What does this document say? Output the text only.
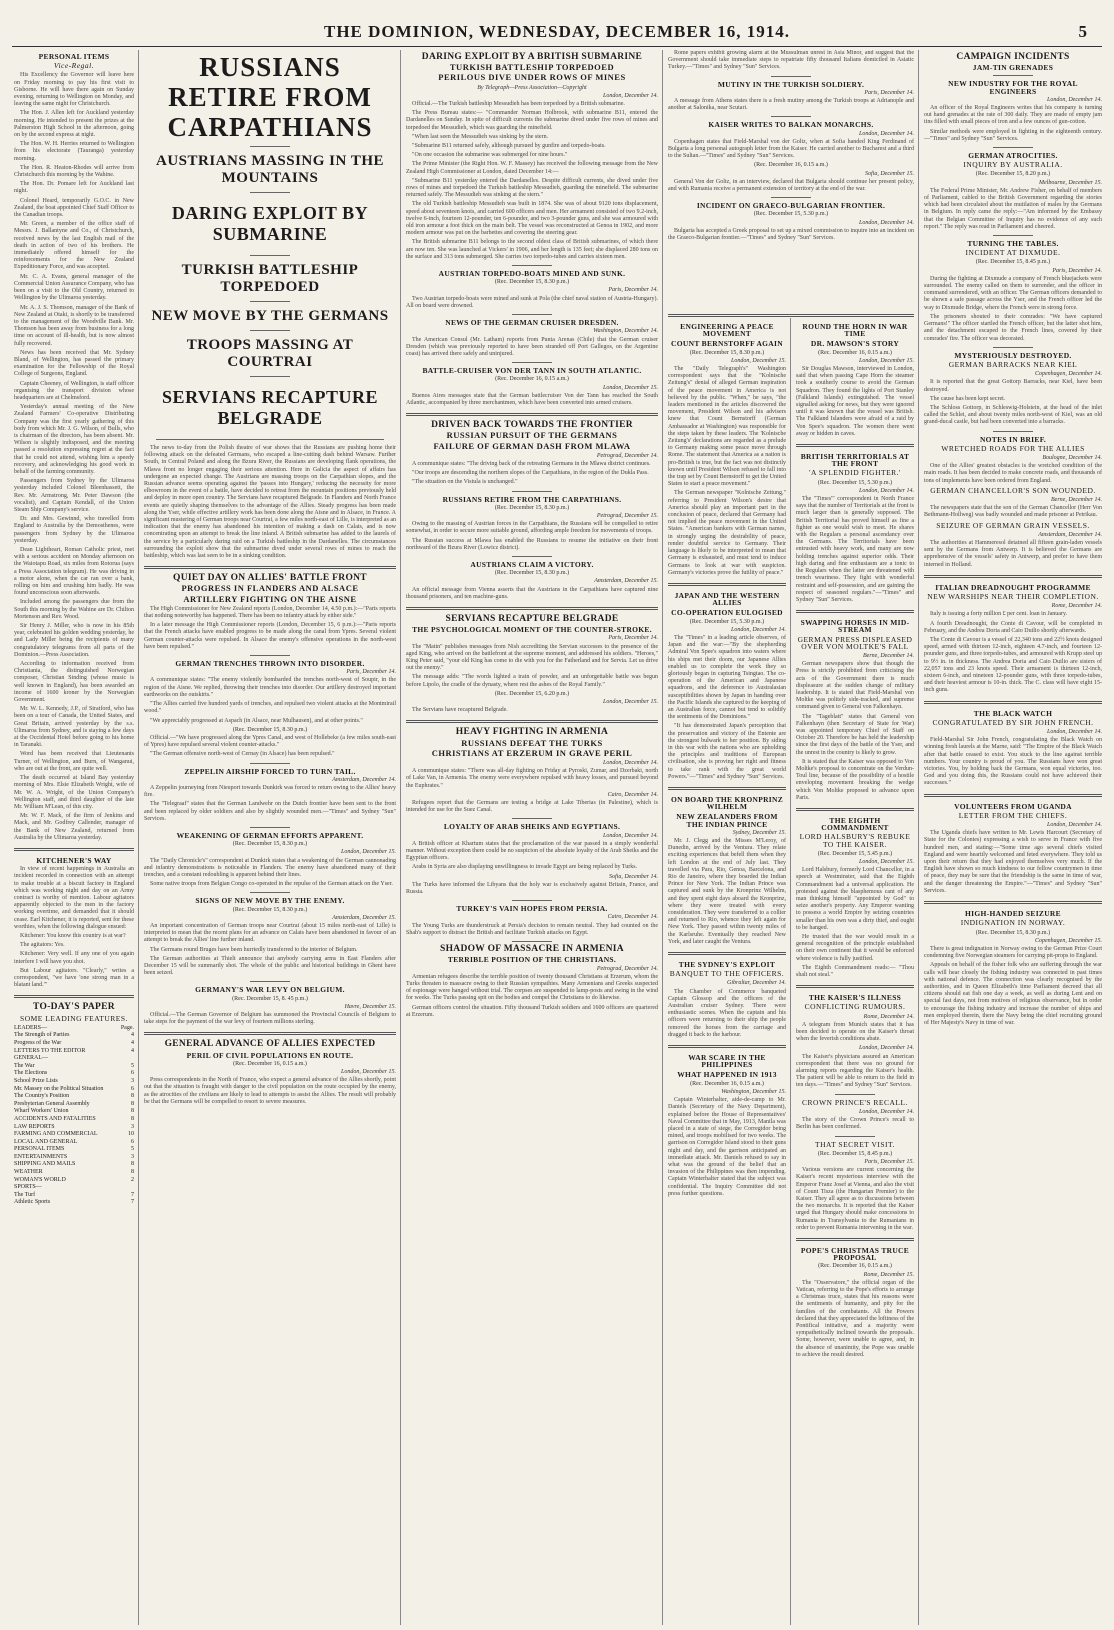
THE DOMINION, WEDNESDAY, DECEMBER 16, 1914.	5
PERSONAL ITEMS
Vice-Regal.

His Excellency the Governor will leave here on Friday morning to pay his first visit to Gisborne. He will have there again on Sunday evening, returning to Wellington on Monday, and leaving the same night for Christchurch.

The Hon. J. Allen left for Auckland yesterday morning. He intended to present the prizes at the Palmerston High School in the afternoon, going on by the second express at night.

The Hon. W. H. Herries returned to Wellington from his electorate (Tauranga) yesterday morning.

The Hon. R. Heaton-Rhodes will arrive from Christchurch this morning by the Wahine.

The Hon. Dr. Pomare left for Auckland last night.

Colonel Heard, temporarily G.O.C. in New Zealand, the boat appointed Chief Staff Officer to the Canadian troops.

Mr. Green, a member of the office staff of Messrs. J. Ballantyne and Co., of Christchurch, received news by the last English mail of the death in action of two of his brothers. He immediately offered himself for the reinforcements for the New Zealand Expeditionary Force, and was accepted.

Mr. C. A. Evans, general manager of the Commercial Union Assurance Company, who has been on a visit to the Old Country, returned to Wellington by the Ulimaroa yesterday.

Mr. A. J. S. Thomson, manager of the Bank of New Zealand at Otaki, is shortly to be transferred to the management of the Woodville Bank. Mr. Thomson has been away from business for a long time on account of ill-health, but is now almost fully recovered.

News has been received that Mr. Sydney Bland, of Wellington, has passed the primary examination for the Fellowship of the Royal College of Surgeons, England.

Captain Cheeney, of Wellington, is staff officer organising the transport division whose headquarters are at Chelmsford.

Yesterday's annual meeting of the New Zealand Farmers' Co-operative Distributing Company was the first yearly gathering of this body from which Mr. J. G. Wilson, of Bulls, who is chairman of the directors, has been absent. Mr. Wilson is slightly indisposed, and the meeting passed a resolution expressing regret at the fact that he could not attend, wishing him a speedy recovery, and acknowledging his good work in behalf of the farming community.

Passengers from Sydney by the Ulimaroa yesterday included Colonel Bleenhassett, the Rev. Mr. Armstrong, Mr. Peter Dawson (the vocalist), and Captain Kendall, of the Union Steam Ship Company's service.

Dr. and Mrs. Gewinnd, who travelled from England to Australia by the Demosthenes, were passengers from Sydney by the Ulimaroa yesterday.

Dean Lightheart, Roman Catholic priest, met with a serious accident on Monday afternoon on the Waiotapu Road, six miles from Rotorua (says a Press Association telegram). He was driving in a motor alone, when the car ran over a bank, rolling on him and crushing him badly. He was found unconscious soon afterwards.

Included among the passengers due from the South this morning by the Wahine are Dr. Chilton Mortenson and Rev. Wood.

Sir Henry J. Miller, who is now in his 85th year, celebrated his golden wedding yesterday, he and Lady Miller being the recipients of many congratulatory telegrams from all parts of the Dominion.—Press Association.

According to information received from Christiania, the distinguished Norwegian composer, Christian Sinding (whose music is well known in England), has been awarded an income of 1600 kroner by the Norwegian Government.

Mr. W. L. Kennedy, J.P., of Stratford, who has been on a tour of Canada, the United States, and Great Britain, arrived yesterday by the s.s. Ulimaroa from Sydney, and is staying a few days at the Occidental Hotel before going to his home in Taranaki.

Word has been received that Lieutenants Turner, of Wellington, and Burn, of Wanganui, who are out at the front, are quite well.

The death occurred at Island Bay yesterday morning of Mrs. Elsie Elizabeth Wright, wife of Mr. W. A. Wright, of the Union Company's Wellington staff, and third daughter of the late Mr. William M'Lean, of this city.

Mr. W. F. Mack, of the firm of Jenkins and Mack, and Mr. Godfrey Callender, manager of the Bank of New Zealand, returned from Australia by the Ulimaroa yesterday.

KITCHENER'S WAY

In view of recent happenings in Australia an incident recorded in connection with an attempt to make trouble at a biscuit factory in England which was working night and day on an Army contract is worthy of mention. Labour agitators apparently objected to the men in the factory working overtime, and demanded that it should cease. Earl Kitchener, it is reported, sent for these worthies, when the following dialogue ensued:

Kitchener: You know this country is at war?

The agitators: Yes.

Kitchener: Very well. If any one of you again interfere I will have you shot.

But Labour agitators. "Clearly," writes a correspondent, "we have 'one strong man in a blatant land.'"

TO-DAY'S PAPER
SOME LEADING FEATURES.
LEADERS—	Page.
The Strength of Parties	4
Progress of the War	4
LETTERS TO THE EDITOR	4
GENERAL—
The War	5
The Elections	6
School Prize Lists	3
Mr. Massey on the Political Situation	6
The Country's Position	8
Presbyterian General Assembly	8
Wharf Workers' Union	8
ACCIDENTS AND FATALITIES	8
LAW REPORTS	3
FARMING AND COMMERCIAL	10
LOCAL AND GENERAL	6
PERSONAL ITEMS	5
ENTERTAINMENTS	3
SHIPPING AND MAILS	8
WEATHER	8
WOMAN'S WORLD	2
SPORTS—
The Turf	7
Athletic Sports	7
RUSSIANS RETIRE FROM CARPATHIANS
AUSTRIANS MASSING IN THE MOUNTAINS
DARING EXPLOIT BY SUBMARINE
TURKISH BATTLESHIP TORPEDOED
NEW MOVE BY THE GERMANS
TROOPS MASSING AT COURTRAI
SERVIANS RECAPTURE BELGRADE

The news to-day from the Polish theatre of war shows that the Russians are pushing home their following attack on the defeated Germans, who escaped a line-cutting dash behind Warsaw. Further South, in Central Poland and along the Bzura River, the Russians are developing flank operations, the Mlawa front no longer engaging their serious attention. Here in Galicia the aspect of affairs has undergone an expected change. The Austrians are massing troops on the Carpathian slopes, and the Russian advance seems operating against the 'passes into Hungary,' reducing the necessity for more elbowroom in the event of a battle, have decided to retreat from the mountain positions previously held and deploy in more open country. The Servians have recaptured Belgrade. In Flanders and North France events are quietly shaping themselves to the advantage of the Allies. Steady progress has been made along the Yser, while effective artillery work has been done along the Aisne and in Alsace, in France. A significant mustering of German troops near Courtrai, a few miles north-east of Lille, is interpreted as an indication that the enemy has abandoned his intention of making a dash on Calais, and is now concentrating upon an attempt to break the line inland. A British submarine has added to the laurels of the service by a particularly daring raid on a Turkish battleship in the Dardanelles. The circumstances surrounding the exploit show that the submarine dived under several rows of mines to reach the battleship, which was last seen to be in a sinking condition.

QUIET DAY ON ALLIES' BATTLE FRONT
PROGRESS IN FLANDERS AND ALSACE
ARTILLERY FIGHTING ON THE AISNE

The High Commissioner for New Zealand reports (London, December 14, 4.50 p.m.):—"Paris reports that nothing noteworthy has happened. There has been no infantry attack by either side."

In a later message the High Commissioner reports (London, December 15, 6 p.m.):—"Paris reports that the French attacks have enabled progress to be made along the canal from Ypres. Several violent German counter-attacks were repulsed. In Alsace the enemy's offensive operations in the north-west have been repulsed."

GERMAN TRENCHES THROWN INTO DISORDER.
Paris, December 14.

A communique states: "The enemy violently bombarded the trenches north-west of Soupir, in the region of the Aisne. We replied, throwing their trenches into disorder. Our artillery destroyed important earthworks on the outskirts."

"The Allies carried five hundred yards of trenches, and repulsed two violent attacks at the Montmirail wood."

"We appreciably progressed at Aspach (in Alsace, near Mulhausen), and at other points."

(Rec. December 15, 8.30 p.m.)

Official.—"We have progressed along the Ypres Canal, and west of Hollebeke (a few miles south-east of Ypres) have repulsed several violent counter-attacks."

"The German offensive north-west of Cernay (in Alsace) has been repulsed."

ZEPPELIN AIRSHIP FORCED TO TURN TAIL.
Amsterdam, December 14.

A Zeppelin journeying from Nieuport towards Dunkirk was forced to return owing to the Allies' heavy fire.

The "Telegraaf" states that the German Landwehr on the Dutch frontier have been sent to the front and been replaced by older soldiers and also by slightly wounded men.—"Times" and Sydney "Sun" Services.

WEAKENING OF GERMAN EFFORTS APPARENT.
(Rec. December 15, 8.30 p.m.)
London, December 15.

The "Daily Chronicle's" correspondent at Dunkirk states that a weakening of the German cannonading and infantry demonstrations is noticeable in Flanders. The enemy have abandoned many of their trenches, and a constant redoubling is apparent behind their lines.

Some native troops from Belgian Congo co-operated in the repulse of the German attack on the Yser.

SIGNS OF NEW MOVE BY THE ENEMY.
(Rec. December 15, 8.30 p.m.)
Amsterdam, December 15.

An important concentration of German troops near Courtrai (about 15 miles north-east of Lille) is interpreted to mean that the recent plans for an advance on Calais have been abandoned in favour of an attempt to break the Allies' line further inland.

The Germans round Bruges have been hurriedly transferred to the interior of Belgium.

The German authorities at Thielt announce that anybody carrying arms in East Flanders after December 15 will be summarily shot. The whole of the public and historical buildings in Ghent have been seized.

GERMANY'S WAR LEVY ON BELGIUM.
(Rec. December 15, 8. 45 p.m.)
Havre, December 15.

Official.—The German Governor of Belgium has summoned the Provincial Councils of Belgium to take steps for the payment of the war levy of fourteen millions sterling.

GENERAL ADVANCE OF ALLIES EXPECTED
PERIL OF CIVIL POPULATIONS EN ROUTE.
(Rec. December 16, 0.15 a.m.)
London, December 15.

Press correspondents in the North of France, who expect a general advance of the Allies shortly, point out that the situation is fraught with danger to the civil population on the route occupied by the enemy, as the atrocities of the civilians are likely to lead to attempts to assist the Allies. The result will probably be that the Germans will be compelled to resort to severe measures.

DARING EXPLOIT BY A BRITISH SUBMARINE
TURKISH BATTLESHIP TORPEDOED
PERILOUS DIVE UNDER ROWS OF MINES
By Telegraph—Press Association—Copyright
London, December 14.

Official.—The Turkish battleship Messudieh has been torpedoed by a British submarine.

The Press Bureau states:— "Commander Norman Holbrook, with submarine B11, entered the Dardanelles on Sunday. In spite of difficult currents the submarine dived under five rows of mines and torpedoed the Messudieh, which was guarding the minefield.

"When last seen the Messudieh was sinking by the stern.

"Submarine B11 returned safely, although pursued by gunfire and torpedo-boats.

"On one occasion the submarine was submerged for nine hours."

The Prime Minister (the Right Hon. W. F. Massey) has received the following message from the New Zealand High Commissioner at London, dated December 14:—

"Submarine B11 yesterday entered the Dardanelles. Despite difficult currents, she dived under five rows of mines and torpedoed the Turkish battleship Messudieh, guarding the minefield. The submarine returned safely. The Messudieh was sinking at the stern."

The old Turkish battleship Messudieh was built in 1874. She was of about 9120 tons displacement, speed about seventeen knots, and carried 600 officers and men. Her armament consisted of two 9.2-inch, twelve 6-inch, fourteen 12-pounder, ten 6-pounder, and two 3-pounder guns, and she was armoured with old iron armour a foot thick on the main belt. The vessel was reconstructed at Genoa in 1902, and more modern armour was put on the barbettes and covering the steering gear.

The British submarine B11 belongs to the second oldest class of British submarines, of which there are now ten. She was launched at Vickers' in 1906, and her length is 135 feet; she displaced 280 tons on the surface and 313 tons submerged. She carries two torpedo-tubes and carries sixteen men.

AUSTRIAN TORPEDO-BOATS MINED AND SUNK.
(Rec. December 15, 8.30 p.m.)
Paris, December 14.

Two Austrian torpedo-boats were mined and sunk at Pola (the chief naval station of Austria-Hungary). All on board were drowned.

NEWS OF THE GERMAN CRUISER DRESDEN.
Washington, December 14.

The American Consul (Mr. Latham) reports from Punta Arenas (Chile) that the German cruiser Dresden (which was previously reported to have been stranded off Port Gallegos, on the Argentine coast) has arrived there safely and uninjured.

BATTLE-CRUISER VON DER TANN IN SOUTH ATLANTIC.
(Rec. December 16, 0.15 a.m.)
London, December 15.

Buenos Aires messages state that the German battlecruiser Von der Tann has reached the South Atlantic, accompanied by three merchantmen, which have been converted into armed cruisers.

DRIVEN BACK TOWARDS THE FRONTIER
RUSSIAN PURSUIT OF THE GERMANS
FAILURE OF GERMAN DASH FROM MLAWA
Petrograd, December 14.

A communique states: "The driving back of the retreating Germans in the Mlawa district continues.

"Our troops are descending the northern slopes of the Carpathians, in the region of the Dukla Pass.

"The situation on the Vistula is unchanged."

RUSSIANS RETIRE FROM THE CARPATHIANS.
(Rec. December 15, 8.30 p.m.)
Petrograd, December 15.

Owing to the massing of Austrian forces in the Carpathians, the Russians will be compelled to retire somewhat, in order to secure more suitable ground, affording ample freedom for movements of troops.

The Russian success at Mlawa has enabled the Russians to resume the initiative on their front northward of the Bzura River (Lowicz district).

AUSTRIANS CLAIM A VICTORY.
(Rec. December 15, 8.30 p.m.)
Amsterdam, December 15.

An official message from Vienna asserts that the Austrians in the Carpathians have captured nine thousand prisoners, and ten machine-guns.

SERVIANS RECAPTURE BELGRADE
THE PSYCHOLOGICAL MOMENT OF THE COUNTER-STROKE.
Paris, December 14.

The "Matin" publishes messages from Nish accrediting the Servian successes to the presence of the aged King, who arrived on the battlefront at the supreme moment, and addressed his soldiers. "Heroes," King Peter said, "your old King has come to die with you for the Fatherland and for Servia. Let us drive out the enemy."

The message adds: "The words lighted a train of powder, and an unforgettable battle was begun before Lipolo, the cradle of the dynasty, where rest the ashes of the Royal Family."

(Rec. December 15, 6.20 p.m.)
London, December 15.

The Servians have recaptured Belgrade.

HEAVY FIGHTING IN ARMENIA
RUSSIANS DEFEAT THE TURKS
CHRISTIANS AT ERZERUM IN GRAVE PERIL
London, December 14.

A communique states: "There was all-day fighting on Friday at Pyroski, Zumar, and Dzerbaki, north of Lake Van, in Armenia. The enemy were everywhere repulsed with heavy losses, and pursued beyond the Euphrates."

Cairo, December 14.

Refugees report that the Germans are testing a bridge at Lake Tiberias (in Palestine), which is intended for use for the Suez Canal.

LOYALTY OF ARAB SHEIKS AND EGYPTIANS.
London, December 14.

A British officer at Khartum states that the proclamation of the war passed in a simply wonderful manner. Without exception there could be no suspicion of the absolute loyalty of the Arab Sheiks and the Egyptian officers.

Arabs in Syria are also displaying unwillingness to invade Egypt are being replaced by Turks.

Sofia, December 14.

The Turks have informed the Libyans that the holy war is exclusively against Britain, France, and Russia.

TURKEY'S VAIN HOPES FROM PERSIA.
Cairo, December 14.

The Young Turks are thunderstruck at Persia's decision to remain neutral. They had counted on the Shah's support to distract the British and facilitate Turkish attacks on Egypt.

SHADOW OF MASSACRE IN ARMENIA
TERRIBLE POSITION OF THE CHRISTIANS.
Petrograd, December 14.

Armenian refugees describe the terrible position of twenty thousand Christians at Erzerum, whom the Turks threaten to massacre owing to their Russian sympathies. Many Armenians and Greeks suspected of espionage were hanged without trial. The corpses are suspended to lamp-posts and swing in the wind for weeks. The Turks passing spit on the bodies and compel the Christians to do likewise.

German officers control the situation. Fifty thousand Turkish soldiers and 1600 officers are quartered at Erzerum.

Rome papers exhibit growing alarm at the Mussulman unrest in Asia Minor, and suggest that the Government should take immediate steps to repatriate fifty thousand Italians domiciled in Asiatic Turkey.—"Times" and Sydney "Sun" Services.

MUTINY IN THE TURKISH SOLDIERY.
Paris, December 14.

A message from Athens states there is a fresh mutiny among the Turkish troops at Adrianople and another at Salonika, near Scutari.

KAISER WRITES TO BALKAN MONARCHS.
London, December 14.

Copenhagen states that Field-Marshal von der Goltz, when at Sofia handed King Ferdinand of Bulgaria a long personal autograph letter from the Kaiser. He carried another to Bucharest and a third to the Sultan.—"Times" and Sydney "Sun" Services.

(Rec. December 16, 0.15 a.m.)
Sofia, December 15.

General Von der Goltz, in an interview, declared that Bulgaria should continue her present policy, and with Rumania receive a permanent extension of territory at the end of the war.

INCIDENT ON GRAECO-BULGARIAN FRONTIER.
(Rec. December 15, 5.30 p.m.)
London, December 14.

Bulgaria has accepted a Greek proposal to set up a mixed commission to inquire into an incident on the Graeco-Bulgarian frontier.—"Times" and Sydney "Sun" Services.

ENGINEERING A PEACE MOVEMENT
COUNT BERNSTORFF AGAIN
(Rec. December 15, 8.30 p.m.)
London, December 15.

The "Daily Telegraph's" Washington correspondent says that the "Kolnische Zeitung's" denial of alleged German inspiration of the peace movement in America is not believed by the public. "When," he says, "the leaders mentioned in the articles discovered the movement, President Wilson and his advisers knew that Count Bernstorff (German Ambassador at Washington) was responsible for the steps taken by these leaders. The 'Kolnische Zeitung's' declarations are regarded as a prelude to Germany making some peace move through Rome. The statement that America as a nation is pro-British is true, but the fact was not distinctly known until President Wilson refused to fall into the trap set by Count Bernstorff to get the United States to start a peace movement."

The German newspaper "Kolnische Zeitung," referring to President Wilson's desire that America should play an important part in the conclusion of peace, declared that Germany had not implied the peace movement in the United States. "American bankers with German names, in strongly urging the desirability of peace, render doubtful service to Germany. Their language is likely to be interpreted to mean that Germany is exhausted, and must tend to induce Germans to look at war with suspicion. Germany's victories prove the futility of peace."

JAPAN AND THE WESTERN ALLIES
CO-OPERATION EULOGISED
(Rec. December 15, 5.30 p.m.)
London, December 14.

The "Times" in a leading article observes, of Japan and the war:—"By the shepherding Admiral Von Spee's squadron into waters where his ships met their doom, our Japanese Allies enabled us to complete the work they so gloriously began in capturing Tsingtao. The co-operation of the American and Japanese squadrons, and the deference to Australasian susceptibilities shown by Japan in handing over the Pacific Islands she captured to the keeping of an Australian force, cannot but tend to solidify the sentiments of the Dominions."

"It has demonstrated Japan's perception that the preservation and victory of the Entente are the strongest bulwark to her position. By siding in this war with the nations who are upholding the principles and traditions of European civilisation, she is proving her right and fitness to take rank with the great world Powers."—"Times" and Sydney "Sun" Services.

ON BOARD THE KRONPRINZ WILHELM
NEW ZEALANDERS FROM THE INDIAN PRINCE
Sydney, December 15.

Mr. J. Clegg and the Misses M'Leroy, of Dunedin, arrived by the Ventura. They relate exciting experiences that befell them when they left London at the end of July last. They travelled via Para, Rio, Genoa, Barcelona, and Rio de Janeiro, where they boarded the Indian Prince for New York. The Indian Prince was captured and sunk by the Kronprinz Wilhelm, and they spent eight days aboard the Kronprinz, where they were treated with every consideration. They were transferred to a collier and returned to Rio, whence they left again for New York. They passed within twenty miles of the Karlsruhe. Eventually they reached New York, and later caught the Ventura.

THE SYDNEY'S EXPLOIT
BANQUET TO THE OFFICERS.
Gibraltar, December 14.

The Chamber of Commerce banqueted Captain Glossop and the officers of the Australian cruiser Sydney. There were enthusiastic scenes. When the captain and his officers were returning to their ship the people removed the horses from the carriage and dragged it back to the harbour.

WAR SCARE IN THE PHILIPPINES
WHAT HAPPENED IN 1913
(Rec. December 16, 0.15 a.m.)
Washington, December 15.

Captain Winterhalter, aide-de-camp to Mr. Daniels (Secretary of the Navy Department), explained before the House of Representatives' Naval Committee that in May, 1913, Manila was placed in a state of siege, the Corregidor being mined, and troops mobilised for two weeks. The garrison on Corregidor Island stood to their guns night and day, and the garrison anticipated an immediate attack. Mr. Daniels refused to say in what was the ground of the belief that an invasion of the Philippines was then impending. Captain Winterhalter stated that the subject was confidential. The Inquiry Committee did not press further questions.

ROUND THE HORN IN WAR TIME
DR. MAWSON'S STORY
(Rec. December 16, 0.15 a.m.)
London, December 15.

Sir Douglas Mawson, interviewed in London, said that when passing Cape Horn the steamer took a southerly course to avoid the German Squadron. They found the lights of Port Stanley (Falkland Islands) extinguished. The vessel signalled asking for news, but they were ignored until it was known that the vessel was British. The Falkland Islanders were afraid of a raid by Von Spee's squadron. The women there went away or hidden in caves.

BRITISH TERRITORIALS AT THE FRONT
'A SPLENDID FIGHTER.'
(Rec. December 15, 5.30 p.m.)
London, December 14.

The "Times'" correspondent in North France says that the number of Territorials at the front is much larger than is generally supposed. The British Territorial has proved himself as fine a fighter as one would wish to meet. He shares with the Regulars a personal ascendancy over the Germans. The Territorials have been entrusted with heavy work, and many are now holding trenches against superior odds. Their high daring and fine enthusiasm are a tonic to the Regulars when the latter are threatened with trench weariness. They fight with wonderful restraint and self-possession, and are gaining the respect of seasoned regulars."—"Times" and Sydney "Sun" Services.

SWAPPING HORSES IN MID-STREAM
GERMAN PRESS DISPLEASED OVER VON MOLTKE'S FALL
Berne, December 14.

German newspapers show that though the Press is strictly prohibited from criticising the acts of the Government there is much displeasure at the sudden change of military leadership. It is stated that Field-Marshal von Moltke was politely side-tracked, and supreme command given to General von Falkenhayn.

The "Tageblatt" states that General von Falkenhayn (then Secretary of State for War) was appointed temporary Chief of Staff on October 20. Therefore he has held the leadership since the first days of the battle of the Yser, and the unrest in the country is likely to grow.

It is stated that the Kaiser was opposed to Von Moltke's proposal to concentrate on the Verdun-Toul line, because of the possibility of a hostile enveloping movement breaking the wedge which Von Moltke proposed to advance upon Paris.

THE EIGHTH COMMANDMENT
LORD HALSBURY'S REBUKE TO THE KAISER.
(Rec. December 15, 5.45 p.m.)
London, December 15.

Lord Halsbury, formerly Lord Chancellor, in a speech at Westminster, said that the Eighth Commandment had a universal application. He protested against the blasphemous cant of any man thinking himself "appointed by God" to seize another's property. Any Emperor wanting to possess a world Empire by seizing countries smaller than his own was a dirty thief, and ought to be hanged.

He trusted that the war would result in a general recognition of the principle established on their own continent that it would be enforced where violence is fully justified.

The Eighth Commandment reads:— "Thou shalt not steal."

THE KAISER'S ILLNESS
CONFLICTING RUMOURS.
Rome, December 14.

A telegram from Munich states that it has been decided to operate on the Kaiser's throat when the feverish conditions abate.

London, December 14.

The Kaiser's physicians assured an American correspondent that there was no ground for alarming reports regarding the Kaiser's health. The patient will be able to return to the field in ten days.—"Times" and Sydney "Sun" Services.

CROWN PRINCE'S RECALL.
London, December 14.

The story of the Crown Prince's recall to Berlin has been confirmed.

THAT SECRET VISIT.
(Rec. December 15, 8.45 p.m.)
Paris, December 15.

Various versions are current concerning the Kaiser's recent mysterious interview with the Emperor Franz Josef at Vienna, and also the visit of Count Tisza (the Hungarian Premier) to the Kaiser. They all agree as to discussions between the two monarchs. It is reported that the Kaiser urged that Hungary should make concessions to Rumania in Transylvania to the Rumanians in order to prevent Rumania intervening in the war.

POPE'S CHRISTMAS TRUCE PROPOSAL
(Rec. December 16, 0.15 a.m.)
Rome, December 15.

The "Osservatore," the official organ of the Vatican, referring to the Pope's efforts to arrange a Christmas truce, states that his reasons were the sentiments of humanity, and pity for the families of the combatants. All the Powers declared that they appreciated the loftiness of the Pontifical initiative, and a majority were sympathetically inclined towards the proposals. Some, however, were unable to agree, and, in the absence of unanimity, the Pope was unable to achieve the result desired.

CAMPAIGN INCIDENTS
JAM-TIN GRENADES
NEW INDUSTRY FOR THE ROYAL ENGINEERS
London, December 14.

An officer of the Royal Engineers writes that his company is turning out hand grenades at the rate of 300 daily. They are made of empty jam tins filled with small pieces of iron and a few ounces of gun-cotton.

Similar methods were employed in fighting in the eighteenth century.—"Times" and Sydney "Sun" Services.

GERMAN ATROCITIES.
INQUIRY BY AUSTRALIA.
(Rec. December 15, 8.20 p.m.)
Melbourne, December 15.

The Federal Prime Minister, Mr. Andrew Fisher, on behalf of members of Parliament, cabled to the British Government regarding the stories which had been circulated about the mutilation of males by the Germans in Belgium. In reply came the reply:—"Am informed by the Embassy that the Belgian Committee of Inquiry has no evidence of any such report." The reply was read in Parliament and cheered.

TURNING THE TABLES.
INCIDENT AT DIXMUDE.
(Rec. December 15, 8.45 p.m.)
Paris, December 14.

During the fighting at Dixmude a company of French bluejackets were surrounded. The enemy called on them to surrender, and the officer in command surrendered, with an officer. The German officers demanded to be shown a safe passage across the Yser, and the French officer led the way to Dixmude Bridge, where the French were in strong force.

The prisoners shouted to their comrades: "We have captured Germans!" The officer startled the French officer, but the latter shot him, and the detachment escaped to the French lines, covered by their comrades' fire. The officer was decorated.

MYSTERIOUSLY DESTROYED.
GERMAN BARRACKS NEAR KIEL
Copenhagen, December 14.

It is reported that the great Gottorp Barracks, near Kiel, have been destroyed.

The cause has been kept secret.

The Schloss Gottorp, in Schleswig-Holstein, at the head of the inlet called the Schlei, and about twenty miles north-west of Kiel, was an old grand-ducal castle, but had been converted into a barracks.

NOTES IN BRIEF.
WRETCHED ROADS FOR THE ALLIES
Boulogne, December 14.

One of the Allies' greatest obstacles is the wretched condition of the main roads. It has been decided to make concrete roads, and thousands of tons of implements have been ordered from England.

GERMAN CHANCELLOR'S SON WOUNDED.
Berne, December 14.

The newspapers state that the son of the German Chancellor (Herr Von Bethmann-Hollweg) was badly wounded and made prisoner at Petrikau.

SEIZURE OF GERMAN GRAIN VESSELS.
Amsterdam, December 14.

The authorities at Hammeresol detained all fifteen grain-laden vessels sent by the Germans from Antwerp. It is believed the Germans are apprehensive of the vessels' safety in Antwerp, and prefer to have them interned in Holland.

ITALIAN DREADNOUGHT PROGRAMME
NEW WARSHIPS NEAR THEIR COMPLETION.
Rome, December 14.

Italy is issuing a forty million £ per cent. loan in January.

A fourth Dreadnought, the Conte di Cavour, will be completed in February, and the Andrea Doria and Caio Duilio shortly afterwards.

The Conte di Cavour is a vessel of 22,340 tons and 22½ knots designed speed, armed with thirteen 12-inch, eighteen 4.7-inch, and fourteen 12-pounder guns, and three torpedo-tubes, and armoured with Krupp steel up to 9½ in. in thickness. The Andrea Doria and Caio Duilio are sisters of 22,057 tons and 23 knots speed. Their armament is thirteen 12-inch, sixteen 6-inch, and nineteen 12-pounder guns, with three torpedo-tubes, and their heaviest armour is 10-in. thick. The C. class will have eight 15-inch guns.

THE BLACK WATCH
CONGRATULATED BY SIR JOHN FRENCH.
London, December 14.

Field-Marshal Sir John French, congratulating the Black Watch on winning fresh laurels at the Marne, said: "The Empire of the Black Watch after that battle ceased to exist. You stuck to the line against terrible numbers. Your country is proud of you. The Russians have won great victories. You, by holding back the Germans, won equal victories, too. God and you doing this, the Russians could not have achieved their successes."

VOLUNTEERS FROM UGANDA
LETTER FROM THE CHIEFS.
London, December 14.

The Uganda chiefs have written to Mr. Lewis Harcourt (Secretary of State for the Colonies) expressing a wish to serve in France with five hundred men, and stating:—"Some time ago several chiefs visited England and were heartily welcomed and feted everywhere. They told us upon their return that they had enjoyed themselves very much. If the English have shown so much kindness to our fellow countrymen in time of peace, they may be sure that the friendship is the same in time of war, and the danger threatening the Empire."—"Times" and Sydney "Sun" Services.

HIGH-HANDED SEIZURE
INDIGNATION IN NORWAY.
(Rec. December 15, 8.30 p.m.)
Copenhagen, December 15.

There is great indignation in Norway owing to the German Prize Court condemning five Norwegian steamers for carrying pit-props to England.

Appeals on behalf of the fisher folk who are suffering through the war calls will hear closely the fishing industry was connected in past times with national defence. The connection was clearly recognised by the authorities, and in Queen Elizabeth's time Parliament decreed that all citizens should eat fish one day a week, as well as during Lent and on special fast days, not from motives of religious observance, but in order to encourage the fishing industry and increase the number of ships and men employed therein, there the Navy being the chief recruiting ground of Her Majesty's Navy in time of war.
